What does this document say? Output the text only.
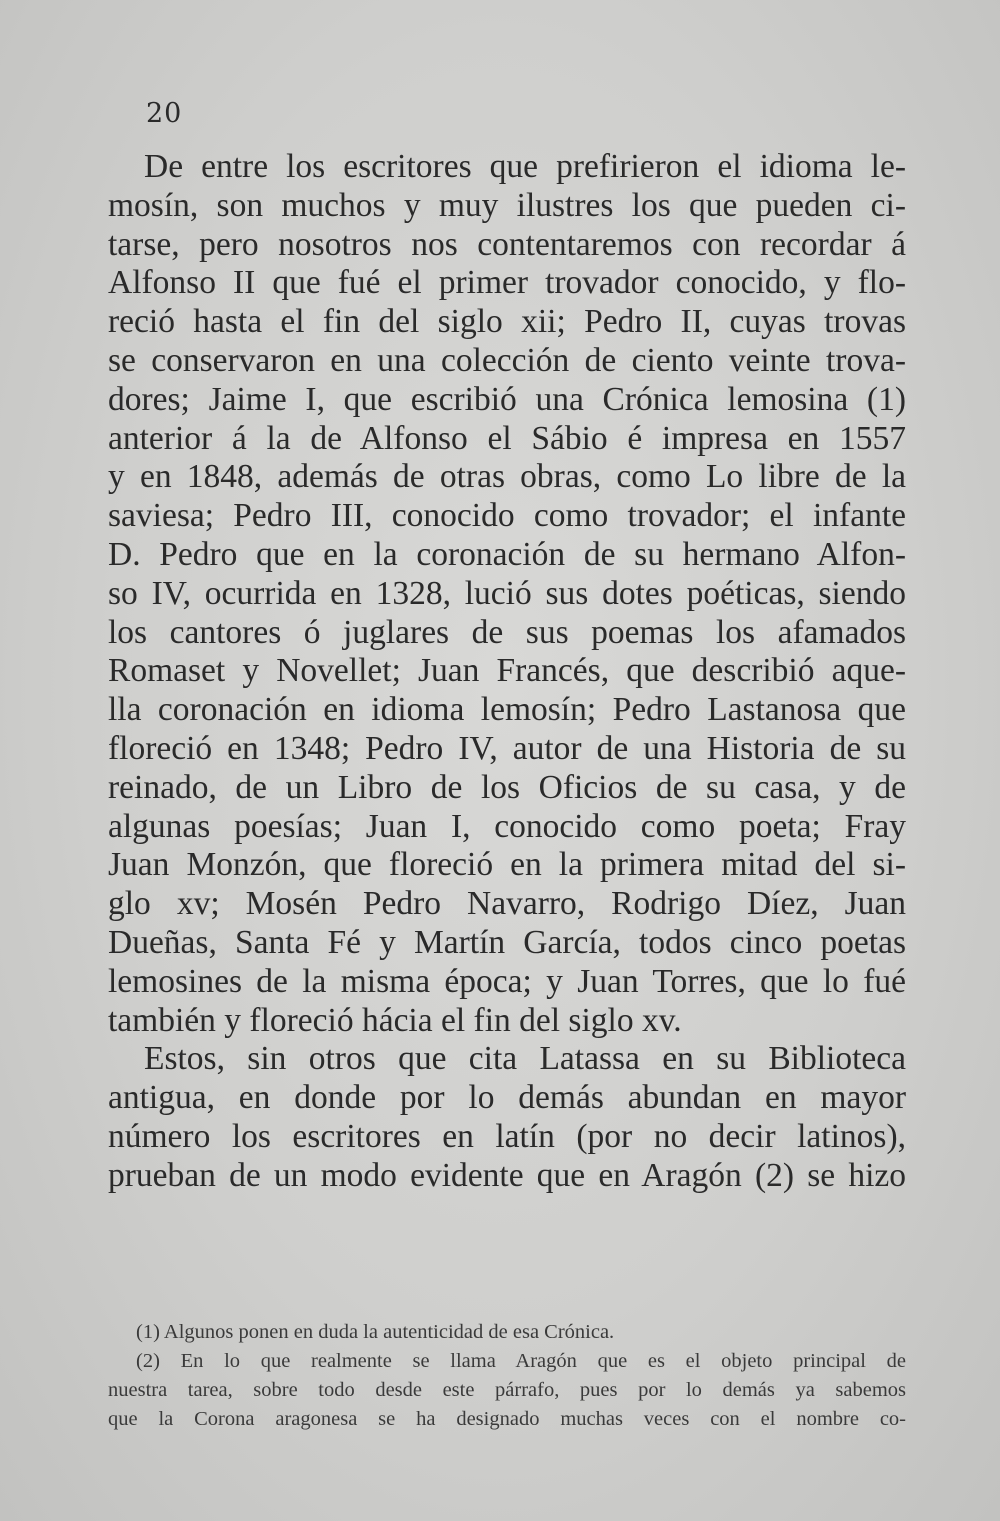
20
De entre los escritores que prefirieron el idioma le-
mosín, son muchos y muy ilustres los que pueden ci-
tarse, pero nosotros nos contentaremos con recordar á
Alfonso II que fué el primer trovador conocido, y flo-
reció hasta el fin del siglo xii; Pedro II, cuyas trovas
se conservaron en una colección de ciento veinte trova-
dores; Jaime I, que escribió una Crónica lemosina (1)
anterior á la de Alfonso el Sábio é impresa en 1557
y en 1848, además de otras obras, como Lo libre de la
saviesa; Pedro III, conocido como trovador; el infante
D. Pedro que en la coronación de su hermano Alfon-
so IV, ocurrida en 1328, lució sus dotes poéticas, siendo
los cantores ó juglares de sus poemas los afamados
Romaset y Novellet; Juan Francés, que describió aque-
lla coronación en idioma lemosín; Pedro Lastanosa que
floreció en 1348; Pedro IV, autor de una Historia de su
reinado, de un Libro de los Oficios de su casa, y de
algunas poesías; Juan I, conocido como poeta; Fray
Juan Monzón, que floreció en la primera mitad del si-
glo xv; Mosén Pedro Navarro, Rodrigo Díez, Juan
Dueñas, Santa Fé y Martín García, todos cinco poetas
lemosines de la misma época; y Juan Torres, que lo fué
también y floreció hácia el fin del siglo xv.
Estos, sin otros que cita Latassa en su Biblioteca
antigua, en donde por lo demás abundan en mayor
número los escritores en latín (por no decir latinos),
prueban de un modo evidente que en Aragón (2) se hizo
(1) Algunos ponen en duda la autenticidad de esa Crónica.
(2) En lo que realmente se llama Aragón que es el objeto principal de
nuestra tarea, sobre todo desde este párrafo, pues por lo demás ya sabemos
que la Corona aragonesa se ha designado muchas veces con el nombre co-
